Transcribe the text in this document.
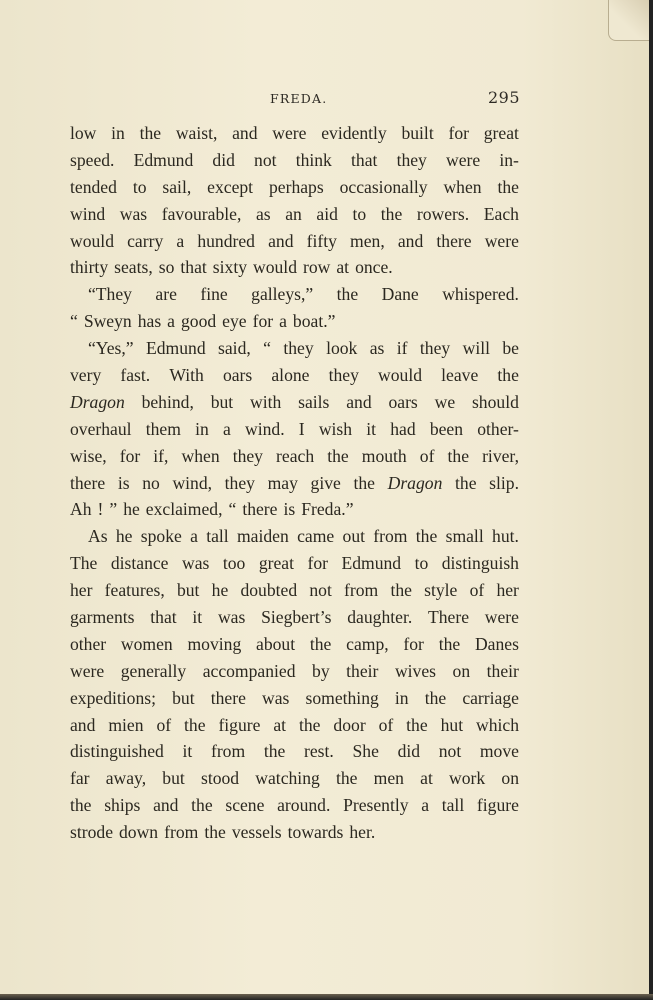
FREDA.	295
low in the waist, and were evidently built for great
speed. Edmund did not think that they were in-
tended to sail, except perhaps occasionally when the
wind was favourable, as an aid to the rowers. Each
would carry a hundred and fifty men, and there were
thirty seats, so that sixty would row at once.
“They are fine galleys,” the Dane whispered.
“ Sweyn has a good eye for a boat.”
“Yes,” Edmund said, “ they look as if they will be
very fast. With oars alone they would leave the
Dragon behind, but with sails and oars we should
overhaul them in a wind. I wish it had been other-
wise, for if, when they reach the mouth of the river,
there is no wind, they may give the Dragon the slip.
Ah ! ” he exclaimed, “ there is Freda.”
As he spoke a tall maiden came out from the small hut.
The distance was too great for Edmund to distinguish
her features, but he doubted not from the style of her
garments that it was Siegbert’s daughter. There were
other women moving about the camp, for the Danes
were generally accompanied by their wives on their
expeditions; but there was something in the carriage
and mien of the figure at the door of the hut which
distinguished it from the rest. She did not move
far away, but stood watching the men at work on
the ships and the scene around. Presently a tall figure
strode down from the vessels towards her.
